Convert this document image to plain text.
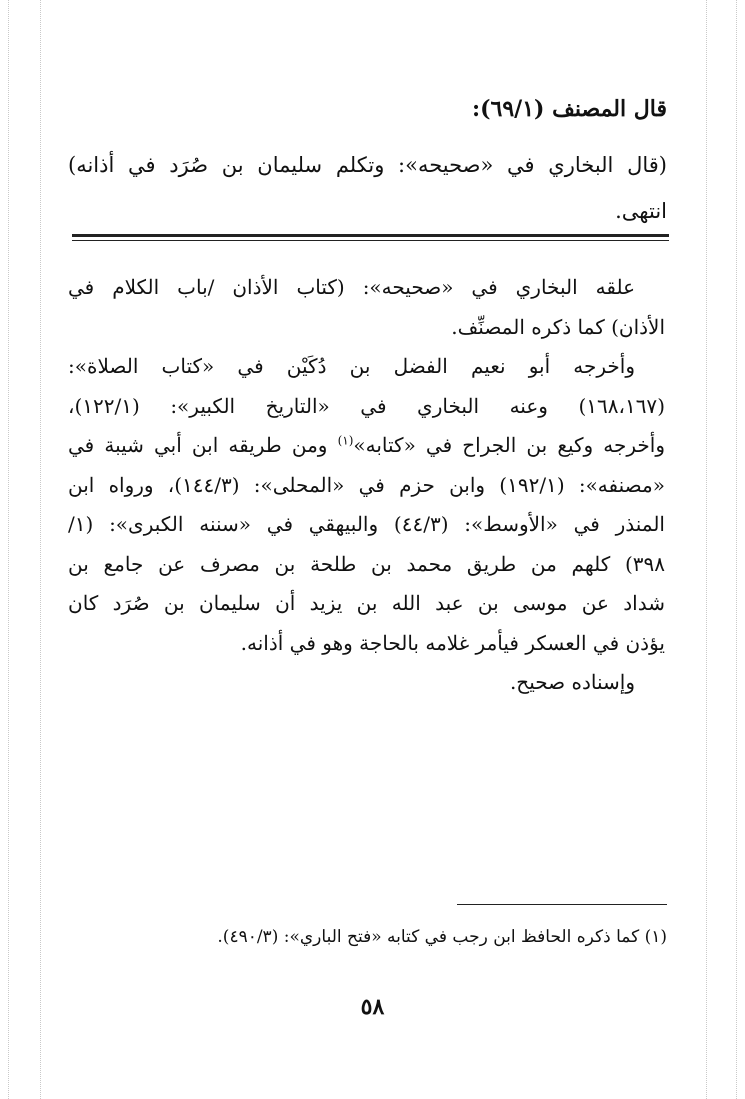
قال المصنف (٦٩/١):
(قال البخاري في «صحيحه»: وتكلم سليمان بن صُرَد في أذانه)
انتهى.
علقه البخاري في «صحيحه»: (كتاب الأذان /باب الكلام في
الأذان) كما ذكره المصنِّف.
وأخرجه أبو نعيم الفضل بن دُكَيْن في «كتاب الصلاة»:
(١٦٨،١٦٧) وعنه البخاري في «التاريخ الكبير»: (١٢٢/١)،
وأخرجه وكيع بن الجراح في «كتابه»$^{(١)}$ ومن طريقه ابن أبي شيبة في
«مصنفه»: (١٩٢/١) وابن حزم في «المحلى»: (١٤٤/٣)، ورواه ابن
المنذر في «الأوسط»: (٤٤/٣) والبيهقي في «سننه الكبرى»: (١/
٣٩٨) كلهم من طريق محمد بن طلحة بن مصرف عن جامع بن
شداد عن موسى بن عبد الله بن يزيد أن سليمان بن صُرَد كان
يؤذن في العسكر فيأمر غلامه بالحاجة وهو في أذانه.
وإسناده صحيح.
(١) كما ذكره الحافظ ابن رجب في كتابه «فتح الباري»: (٤٩٠/٣).
٥٨
